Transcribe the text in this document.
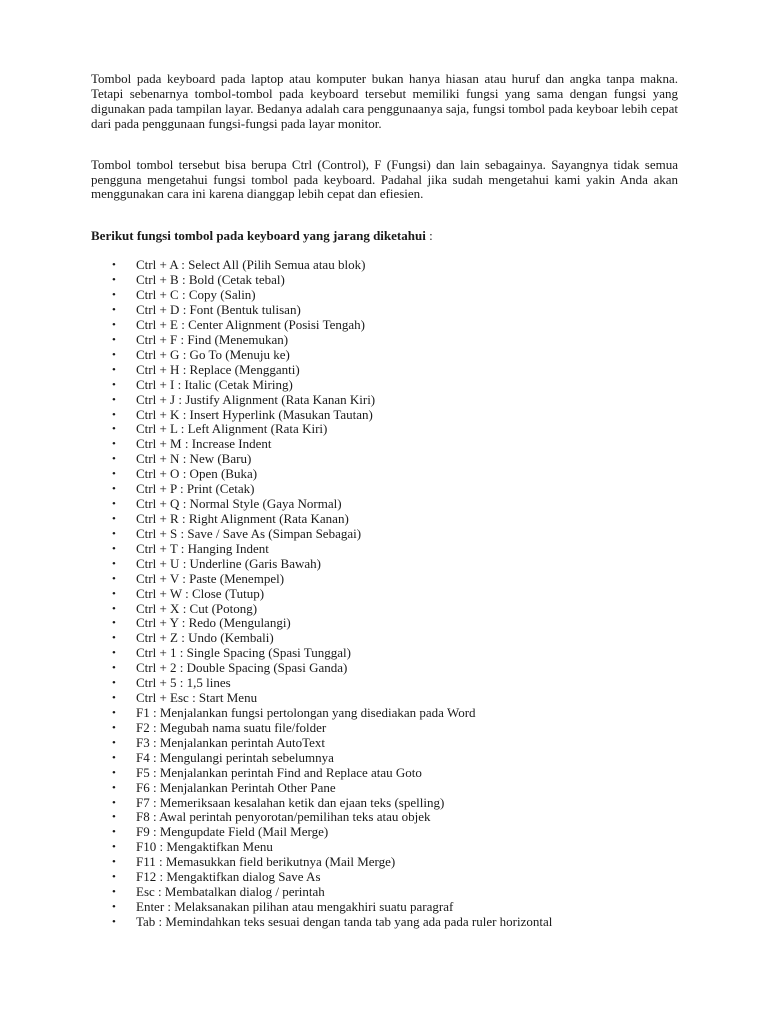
Tombol pada keyboard pada laptop atau komputer bukan hanya hiasan atau huruf dan angka tanpa makna. Tetapi sebenarnya tombol-tombol pada keyboard tersebut memiliki fungsi yang sama dengan fungsi yang digunakan pada tampilan layar. Bedanya adalah cara penggunaanya saja, fungsi tombol pada keyboar lebih cepat dari pada penggunaan fungsi-fungsi pada layar monitor.

Tombol tombol tersebut bisa berupa Ctrl (Control), F (Fungsi) dan lain sebagainya. Sayangnya tidak semua pengguna mengetahui fungsi tombol pada keyboard. Padahal jika sudah mengetahui kami yakin Anda akan menggunakan cara ini karena dianggap lebih cepat dan efiesien.

Berikut fungsi tombol pada keyboard yang jarang diketahui :
• Ctrl + A : Select All (Pilih Semua atau blok)
• Ctrl + B : Bold (Cetak tebal)
• Ctrl + C : Copy (Salin)
• Ctrl + D : Font (Bentuk tulisan)
• Ctrl + E : Center Alignment (Posisi Tengah)
• Ctrl + F : Find (Menemukan)
• Ctrl + G : Go To (Menuju ke)
• Ctrl + H : Replace (Mengganti)
• Ctrl + I : Italic (Cetak Miring)
• Ctrl + J : Justify Alignment (Rata Kanan Kiri)
• Ctrl + K : Insert Hyperlink (Masukan Tautan)
• Ctrl + L : Left Alignment (Rata Kiri)
• Ctrl + M : Increase Indent
• Ctrl + N : New (Baru)
• Ctrl + O : Open (Buka)
• Ctrl + P : Print (Cetak)
• Ctrl + Q : Normal Style (Gaya Normal)
• Ctrl + R : Right Alignment (Rata Kanan)
• Ctrl + S : Save / Save As (Simpan Sebagai)
• Ctrl + T : Hanging Indent
• Ctrl + U : Underline (Garis Bawah)
• Ctrl + V : Paste (Menempel)
• Ctrl + W : Close (Tutup)
• Ctrl + X : Cut (Potong)
• Ctrl + Y : Redo (Mengulangi)
• Ctrl + Z : Undo (Kembali)
• Ctrl + 1 : Single Spacing (Spasi Tunggal)
• Ctrl + 2 : Double Spacing (Spasi Ganda)
• Ctrl + 5 : 1,5 lines
• Ctrl + Esc : Start Menu
• F1 : Menjalankan fungsi pertolongan yang disediakan pada Word
• F2 : Megubah nama suatu file/folder
• F3 : Menjalankan perintah AutoText
• F4 : Mengulangi perintah sebelumnya
• F5 : Menjalankan perintah Find and Replace atau Goto
• F6 : Menjalankan Perintah Other Pane
• F7 : Memeriksaan kesalahan ketik dan ejaan teks (spelling)
• F8 : Awal perintah penyorotan/pemilihan teks atau objek
• F9 : Mengupdate Field (Mail Merge)
• F10 : Mengaktifkan Menu
• F11 : Memasukkan field berikutnya (Mail Merge)
• F12 : Mengaktifkan dialog Save As
• Esc : Membatalkan dialog / perintah
• Enter : Melaksanakan pilihan atau mengakhiri suatu paragraf
• Tab : Memindahkan teks sesuai dengan tanda tab yang ada pada ruler horizontal
